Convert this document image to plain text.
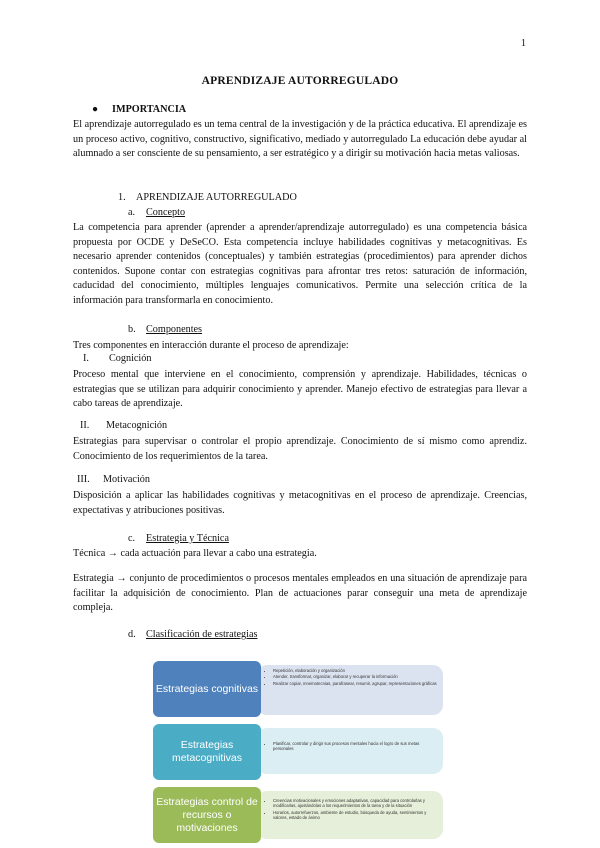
1
APRENDIZAJE AUTORREGULADO
● IMPORTANCIA

El aprendizaje autorregulado es un tema central de la investigación y de la práctica educativa. El aprendizaje es un proceso activo, cognitivo, constructivo, significativo, mediado y autorregulado La educación debe ayudar al alumnado a ser consciente de su pensamiento, a ser estratégico y a dirigir su motivación hacia metas valiosas.

1. APRENDIZAJE AUTORREGULADO
a. Concepto

La competencia para aprender (aprender a aprender/aprendizaje autorregulado) es una competencia básica propuesta por OCDE y DeSeCO. Esta competencia incluye habilidades cognitivas y metacognitivas. Es necesario aprender contenidos (conceptuales) y también estrategias (procedimientos) para aprender dichos contenidos. Supone contar con estrategias cognitivas para afrontar tres retos: saturación de información, caducidad del conocimiento, múltiples lenguajes comunicativos. Permite una selección crítica de la información para transformarla en conocimiento.

b. Componentes

Tres componentes en interacción durante el proceso de aprendizaje:

I. Cognición

Proceso mental que interviene en el conocimiento, comprensión y aprendizaje. Habilidades, técnicas o estrategias que se utilizan para adquirir conocimiento y aprender. Manejo efectivo de estrategias para llevar a cabo tareas de aprendizaje.

II. Metacognición

Estrategias para supervisar o controlar el propio aprendizaje. Conocimiento de sí mismo como aprendiz. Conocimiento de los requerimientos de la tarea.

III. Motivación

Disposición a aplicar las habilidades cognitivas y metacognitivas en el proceso de aprendizaje. Creencias, expectativas y atribuciones positivas.

c. Estrategia y Técnica

Técnica → cada actuación para llevar a cabo una estrategia.

Estrategia → conjunto de procedimientos o procesos mentales empleados en una situación de aprendizaje para facilitar la adquisición de conocimiento. Plan de actuaciones parar conseguir una meta de aprendizaje compleja.

d. Clasificación de estrategias
• Repetición, elaboración y organización
• Atender, transformar, organizar, elaborar y recuperar la información
• Realizar copiar, mnemotecnias, parafrasear, resumir, agrupar, representaciones gráficas
Estrategias cognitivas
• Planificar, controlar y dirigir sus procesos mentales hacia el logro de sus metas personales
Estrategias metacognitivas
• Creencias motivacionales y emociones adaptativas, capacidad para controlarlas y modificarlas, ajustándolas a los requerimientos de la tarea y de la situación
• Horarios, autorrefuerzos, ambiente de estudio, búsqueda de ayuda, sentimientos y valores, estado de ánimo
Estrategias control de recursos o motivaciones
